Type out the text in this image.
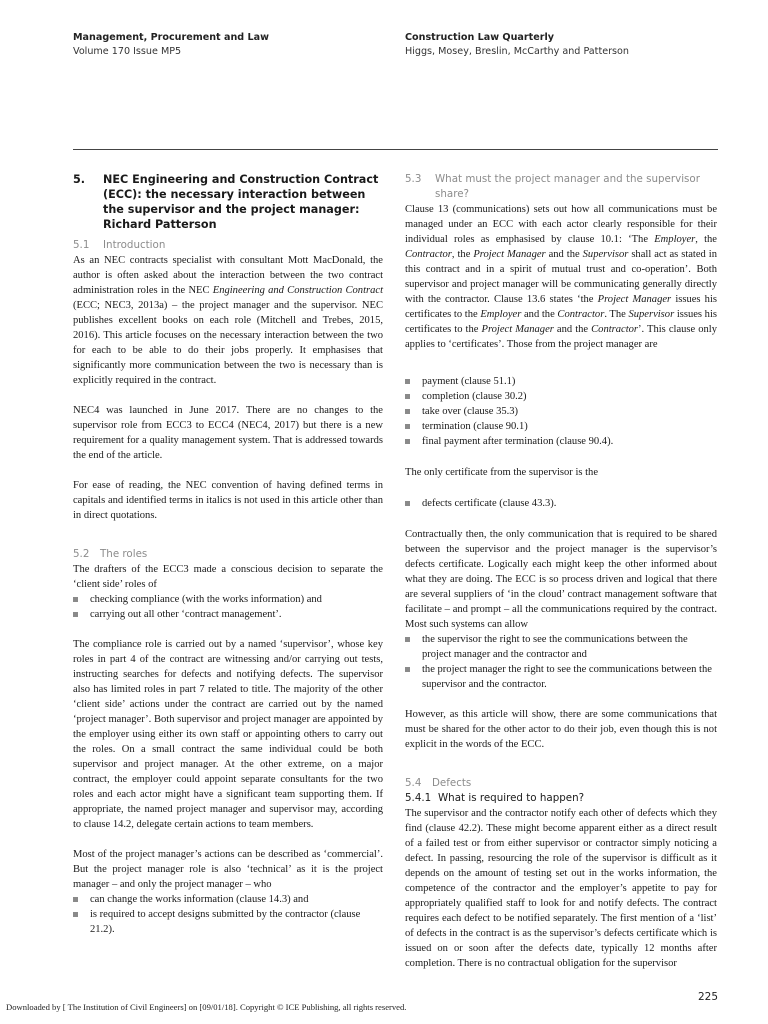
Management, Procurement and Law
Volume 170 Issue MP5
Construction Law Quarterly
Higgs, Mosey, Breslin, McCarthy and Patterson
5.	NEC Engineering and Construction Contract (ECC): the necessary interaction between the supervisor and the project manager: Richard Patterson
5.1	Introduction

As an NEC contracts specialist with consultant Mott MacDonald, the author is often asked about the interaction between the two contract administration roles in the NEC Engineering and Construction Contract (ECC; NEC3, 2013a) – the project manager and the supervisor. NEC publishes excellent books on each role (Mitchell and Trebes, 2015, 2016). This article focuses on the necessary interaction between the two for each to be able to do their jobs properly. It emphasises that significantly more communication between the two is necessary than is explicitly required in the contract.

NEC4 was launched in June 2017. There are no changes to the supervisor role from ECC3 to ECC4 (NEC4, 2017) but there is a new requirement for a quality management system. That is addressed towards the end of the article.

For ease of reading, the NEC convention of having defined terms in capitals and identified terms in italics is not used in this article other than in direct quotations.

5.2	The roles

The drafters of the ECC3 made a conscious decision to separate the ‘client side’ roles of

checking compliance (with the works information) and
carrying out all other ‘contract management’.

The compliance role is carried out by a named ‘supervisor’, whose key roles in part 4 of the contract are witnessing and/or carrying out tests, instructing searches for defects and notifying defects. The supervisor also has limited roles in part 7 related to title. The majority of the other ‘client side’ actions under the contract are carried out by the named ‘project manager’. Both supervisor and project manager are appointed by the employer using either its own staff or appointing others to carry out the roles. On a small contract the same individual could be both supervisor and project manager. At the other extreme, on a major contract, the employer could appoint separate consultants for the two roles and each actor might have a significant team supporting them. If appropriate, the named project manager and supervisor may, according to clause 14.2, delegate certain actions to team members.

Most of the project manager’s actions can be described as ‘commercial’. But the project manager role is also ‘technical’ as it is the project manager – and only the project manager – who

can change the works information (clause 14.3) and
is required to accept designs submitted by the contractor (clause 21.2).
5.3	What must the project manager and the supervisor share?

Clause 13 (communications) sets out how all communications must be managed under an ECC with each actor clearly responsible for their individual roles as emphasised by clause 10.1: ‘The Employer, the Contractor, the Project Manager and the Supervisor shall act as stated in this contract and in a spirit of mutual trust and co-operation’. Both supervisor and project manager will be communicating generally directly with the contractor. Clause 13.6 states ‘the Project Manager issues his certificates to the Employer and the Contractor. The Supervisor issues his certificates to the Project Manager and the Contractor’. This clause only applies to ‘certificates’. Those from the project manager are

payment (clause 51.1)
completion (clause 30.2)
take over (clause 35.3)
termination (clause 90.1)
final payment after termination (clause 90.4).

The only certificate from the supervisor is the

defects certificate (clause 43.3).

Contractually then, the only communication that is required to be shared between the supervisor and the project manager is the supervisor’s defects certificate. Logically each might keep the other informed about what they are doing. The ECC is so process driven and logical that there are several suppliers of ‘in the cloud’ contract management software that facilitate – and prompt – all the communications required by the contract. Most such systems can allow

the supervisor the right to see the communications between the project manager and the contractor and
the project manager the right to see the communications between the supervisor and the contractor.

However, as this article will show, there are some communications that must be shared for the other actor to do their job, even though this is not explicit in the words of the ECC.

5.4	Defects
5.4.1 What is required to happen?

The supervisor and the contractor notify each other of defects which they find (clause 42.2). These might become apparent either as a direct result of a failed test or from either supervisor or contractor simply noticing a defect. In passing, resourcing the role of the supervisor is difficult as it depends on the amount of testing set out in the works information, the competence of the contractor and the employer’s appetite to pay for appropriately qualified staff to look for and notify defects. The contract requires each defect to be notified separately. The first mention of a ‘list’ of defects in the contract is as the supervisor’s defects certificate which is issued on or soon after the defects date, typically 12 months after completion. There is no contractual obligation for the supervisor

225
Downloaded by [ The Institution of Civil Engineers] on [09/01/18]. Copyright © ICE Publishing, all rights reserved.
